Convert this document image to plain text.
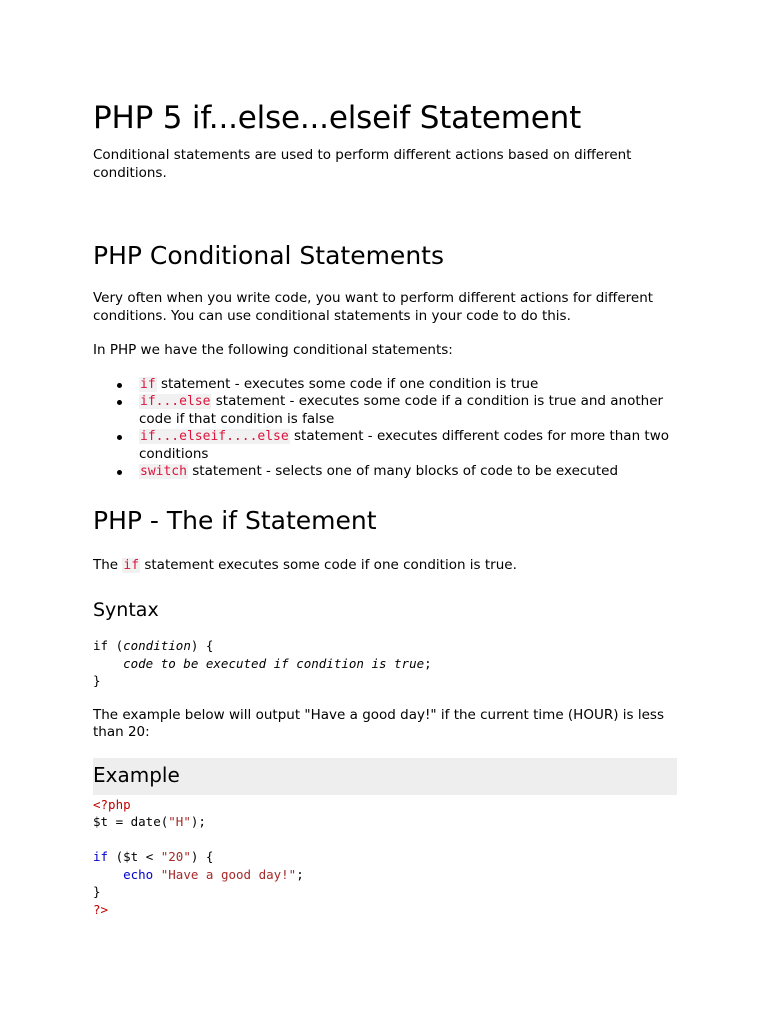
PHP 5 if...else...elseif Statement

Conditional statements are used to perform different actions based on different conditions.

PHP Conditional Statements

Very often when you write code, you want to perform different actions for different conditions. You can use conditional statements in your code to do this.

In PHP we have the following conditional statements:

if statement - executes some code if one condition is true
if...else statement - executes some code if a condition is true and another code if that condition is false
if...elseif....else statement - executes different codes for more than two conditions
switch statement - selects one of many blocks of code to be executed
PHP - The if Statement

The if statement executes some code if one condition is true.

Syntax
if (condition) {
code to be executed if condition is true;
}

The example below will output "Have a good day!" if the current time (HOUR) is less than 20:

Example
<?php
$t = date("H");

if ($t < "20") {
echo "Have a good day!";
}
?>
